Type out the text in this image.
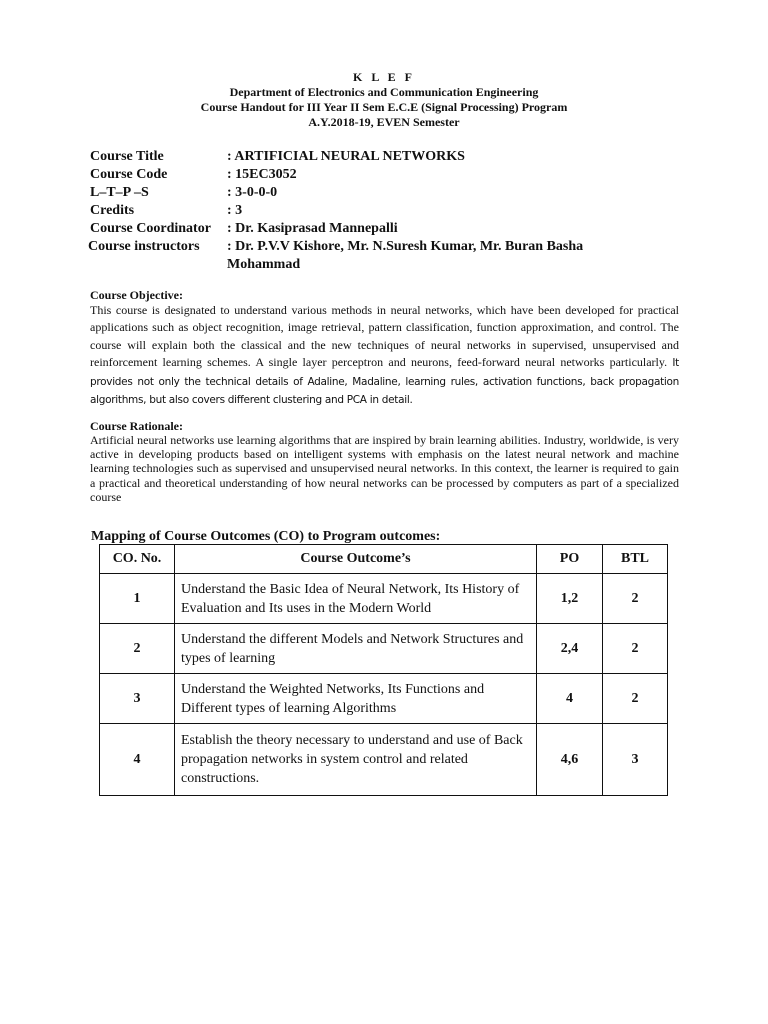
K L E F
Department of Electronics and Communication Engineering
Course Handout for III Year II Sem E.C.E (Signal Processing) Program
A.Y.2018-19, EVEN Semester
Course Title	: ARTIFICIAL NEURAL NETWORKS
Course Code	: 15EC3052
L–T–P –S	: 3-0-0-0
Credits	: 3
Course Coordinator	: Dr. Kasiprasad Mannepalli
Course instructors	: Dr. P.V.V Kishore, Mr. N.Suresh Kumar, Mr. Buran Basha Mohammad
Course Objective:
This course is designated to understand various methods in neural networks, which have been developed for practical applications such as object recognition, image retrieval, pattern classification, function approximation, and control. The course will explain both the classical and the new techniques of neural networks in supervised, unsupervised and reinforcement learning schemes. A single layer perceptron and neurons, feed-forward neural networks particularly. It provides not only the technical details of Adaline, Madaline, learning rules, activation functions, back propagation algorithms, but also covers different clustering and PCA in detail.
Course Rationale:
Artificial neural networks use learning algorithms that are inspired by brain learning abilities. Industry, worldwide, is very active in developing products based on intelligent systems with emphasis on the latest neural network and machine learning technologies such as supervised and unsupervised neural networks. In this context, the learner is required to gain a practical and theoretical understanding of how neural networks can be processed by computers as part of a specialized course
Mapping of Course Outcomes (CO) to Program outcomes:
CO. No.	Course Outcome’s	PO	BTL
1	Understand the Basic Idea of Neural Network, Its History of Evaluation and Its uses in the Modern World	1,2	2
2	Understand the different Models and Network Structures and types of learning	2,4	2
3	Understand the Weighted Networks, Its Functions and Different types of learning Algorithms	4	2
4	Establish the theory necessary to understand and use of Back propagation networks in system control and related constructions.	4,6	3
